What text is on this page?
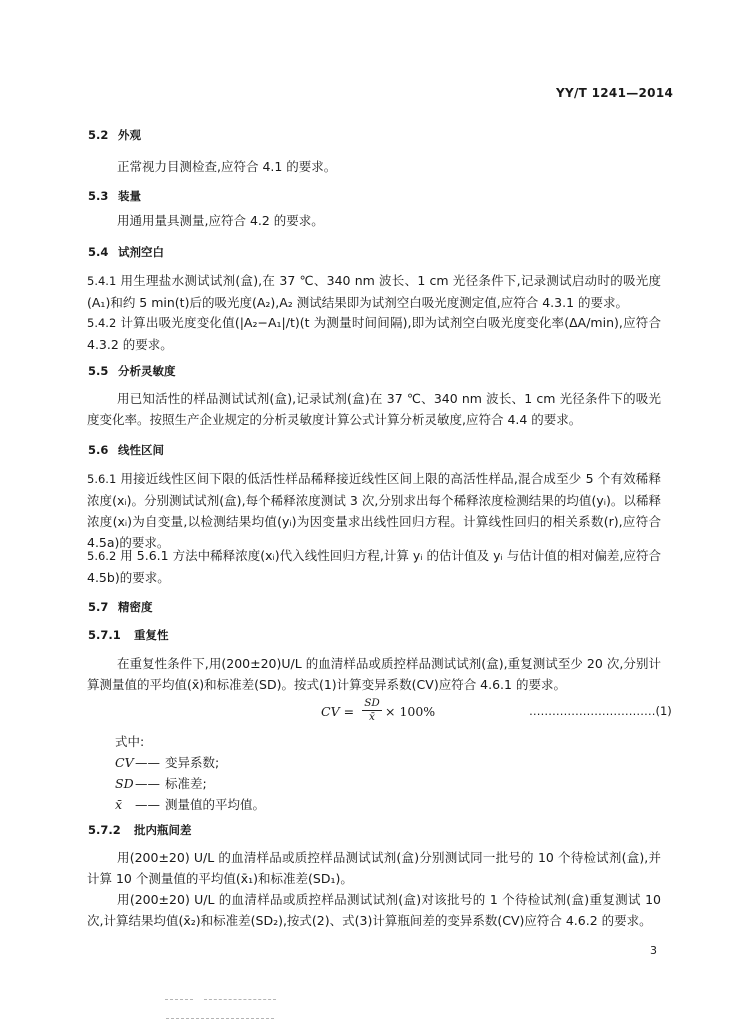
YY/T 1241—2014
5.2 外观
正常视力目测检查,应符合 4.1 的要求。
5.3 装量
用通用量具测量,应符合 4.2 的要求。
5.4 试剂空白
5.4.1 用生理盐水测试试剂(盒),在 37 ℃、340 nm 波长、1 cm 光径条件下,记录测试启动时的吸光度(A₁)和约 5 min(t)后的吸光度(A₂),A₂ 测试结果即为试剂空白吸光度测定值,应符合 4.3.1 的要求。
5.4.2 计算出吸光度变化值(|A₂−A₁|/t)(t 为测量时间间隔),即为试剂空白吸光度变化率(ΔA/min),应符合 4.3.2 的要求。
5.5 分析灵敏度
用已知活性的样品测试试剂(盒),记录试剂(盒)在 37 ℃、340 nm 波长、1 cm 光径条件下的吸光度变化率。按照生产企业规定的分析灵敏度计算公式计算分析灵敏度,应符合 4.4 的要求。
5.6 线性区间
5.6.1 用接近线性区间下限的低活性样品稀释接近线性区间上限的高活性样品,混合成至少 5 个有效稀释浓度(xᵢ)。分别测试试剂(盒),每个稀释浓度测试 3 次,分别求出每个稀释浓度检测结果的均值(yᵢ)。以稀释浓度(xᵢ)为自变量,以检测结果均值(yᵢ)为因变量求出线性回归方程。计算线性回归的相关系数(r),应符合 4.5a)的要求。
5.6.2 用 5.6.1 方法中稀释浓度(xᵢ)代入线性回归方程,计算 yᵢ 的估计值及 yᵢ 与估计值的相对偏差,应符合 4.5b)的要求。
5.7 精密度
5.7.1 重复性
在重复性条件下,用(200±20)U/L 的血清样品或质控样品测试试剂(盒),重复测试至少 20 次,分别计算测量值的平均值(x̄)和标准差(SD)。按式(1)计算变异系数(CV)应符合 4.6.1 的要求。
CV = $\frac{SD}{x̄} \times 100\%$	……………………………(1)
式中:
CV—— 变异系数;
SD—— 标准差;
x̄ —— 测量值的平均值。
5.7.2 批内瓶间差
用(200±20) U/L 的血清样品或质控样品测试试剂(盒)分别测试同一批号的 10 个待检试剂(盒),并计算 10 个测量值的平均值(x̄₁)和标准差(SD₁)。
用(200±20) U/L 的血清样品或质控样品测试试剂(盒)对该批号的 1 个待检试剂(盒)重复测试 10 次,计算结果均值(x̄₂)和标准差(SD₂),按式(2)、式(3)计算瓶间差的变异系数(CV)应符合 4.6.2 的要求。
3
